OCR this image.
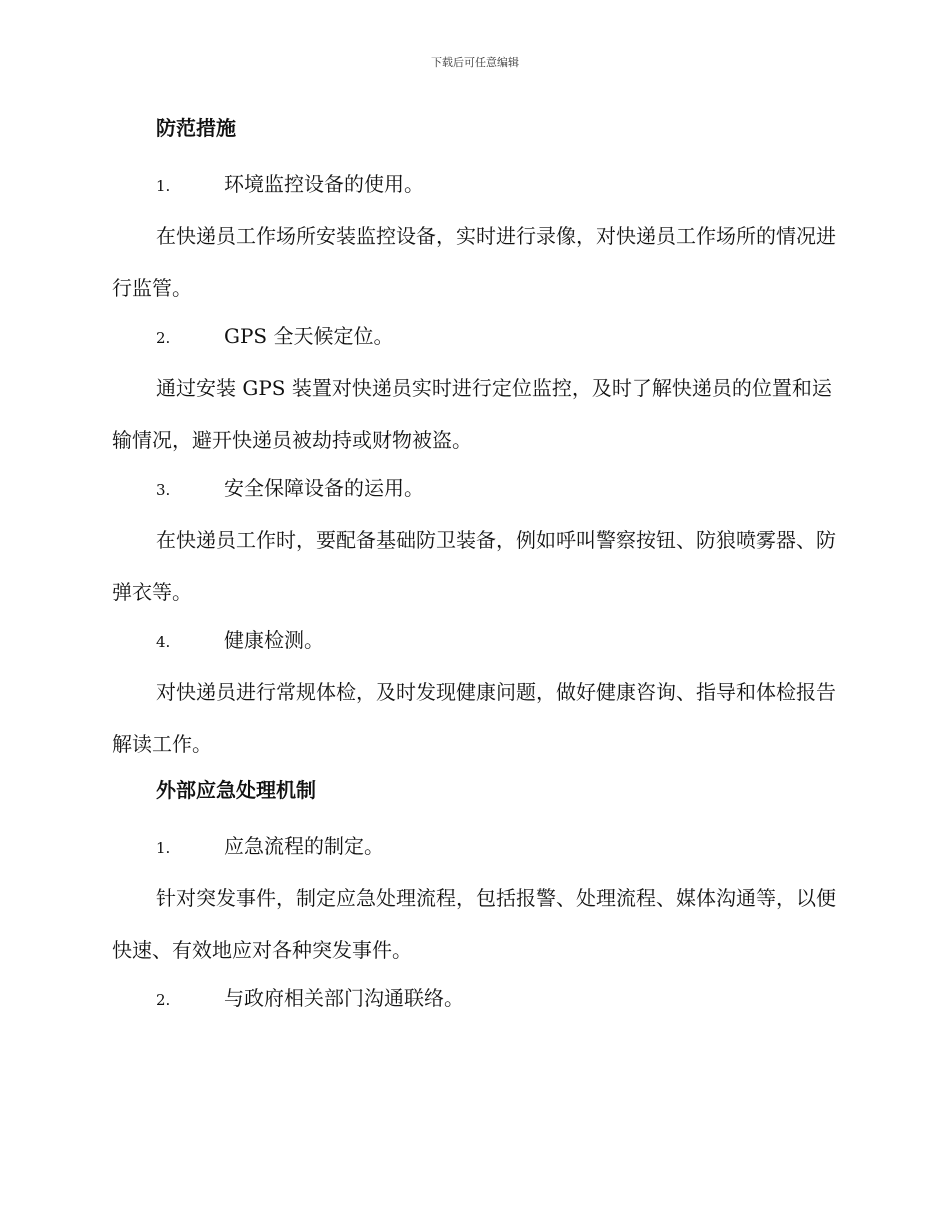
下载后可任意编辑
防范措施
1.	环境监控设备的使用。
在快递员工作场所安装监控设备，实时进行录像，对快递员工作场所的情况进行监管。
2.	GPS 全天候定位。
通过安装 GPS 装置对快递员实时进行定位监控，及时了解快递员的位置和运输情况，避开快递员被劫持或财物被盗。
3.	安全保障设备的运用。
在快递员工作时，要配备基础防卫装备，例如呼叫警察按钮、防狼喷雾器、防弹衣等。
4.	健康检测。
对快递员进行常规体检，及时发现健康问题，做好健康咨询、指导和体检报告解读工作。
外部应急处理机制
1.	应急流程的制定。
针对突发事件，制定应急处理流程，包括报警、处理流程、媒体沟通等，以便快速、有效地应对各种突发事件。
2.	与政府相关部门沟通联络。
